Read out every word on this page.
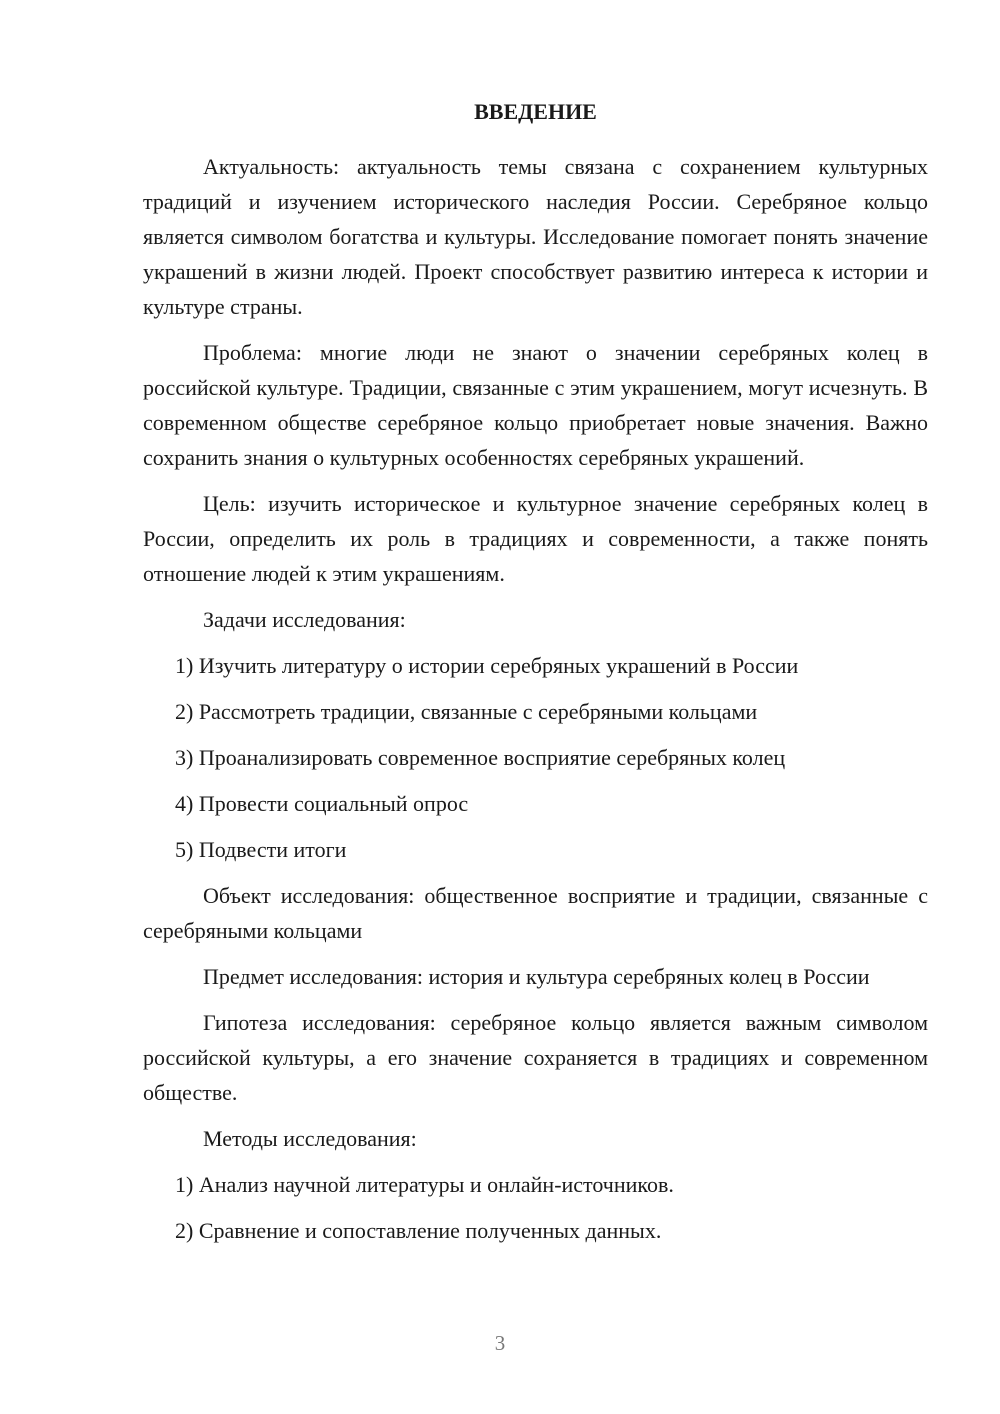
ВВЕДЕНИЕ

Актуальность: актуальность темы связана с сохранением культурных традиций и изучением исторического наследия России. Серебряное кольцо является символом богатства и культуры. Исследование помогает понять значение украшений в жизни людей. Проект способствует развитию интереса к истории и культуре страны.

Проблема: многие люди не знают о значении серебряных колец в российской культуре. Традиции, связанные с этим украшением, могут исчезнуть. В современном обществе серебряное кольцо приобретает новые значения. Важно сохранить знания о культурных особенностях серебряных украшений.

Цель: изучить историческое и культурное значение серебряных колец в России, определить их роль в традициях и современности, а также понять отношение людей к этим украшениям.

Задачи исследования:

1) Изучить литературу о истории серебряных украшений в России

2) Рассмотреть традиции, связанные с серебряными кольцами

3) Проанализировать современное восприятие серебряных колец

4) Провести социальный опрос

5) Подвести итоги

Объект исследования: общественное восприятие и традиции, связанные с серебряными кольцами

Предмет исследования: история и культура серебряных колец в России

Гипотеза исследования: серебряное кольцо является важным символом российской культуры, а его значение сохраняется в традициях и современном обществе.

Методы исследования:

1) Анализ научной литературы и онлайн-источников.

2) Сравнение и сопоставление полученных данных.

3
